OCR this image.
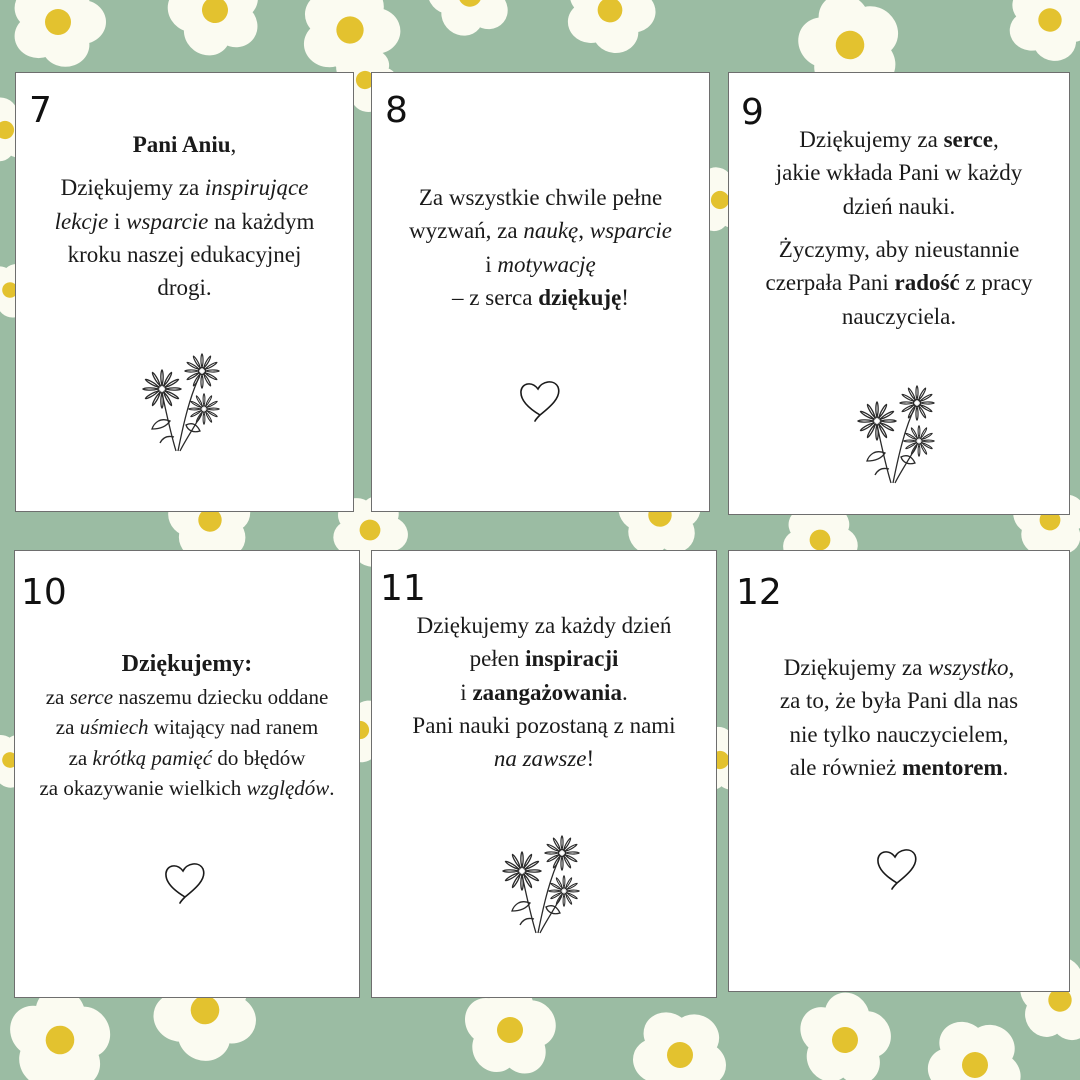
7
Pani Aniu,
Dziękujemy za inspirujące
lekcje i wsparcie na każdym
kroku naszej edukacyjnej
drogi.
8
Za wszystkie chwile pełne
wyzwań, za naukę, wsparcie
i motywację
– z serca dziękuję!
9
Dziękujemy za serce,
jakie wkłada Pani w każdy
dzień nauki.
Życzymy, aby nieustannie
czerpała Pani radość z pracy
nauczyciela.
10
Dziękujemy:
za serce naszemu dziecku oddane
za uśmiech witający nad ranem
za krótką pamięć do błędów
za okazywanie wielkich względów.
11
Dziękujemy za każdy dzień
pełen inspiracji
i zaangażowania.
Pani nauki pozostaną z nami
na zawsze!
12
Dziękujemy za wszystko,
za to, że była Pani dla nas
nie tylko nauczycielem,
ale również mentorem.
